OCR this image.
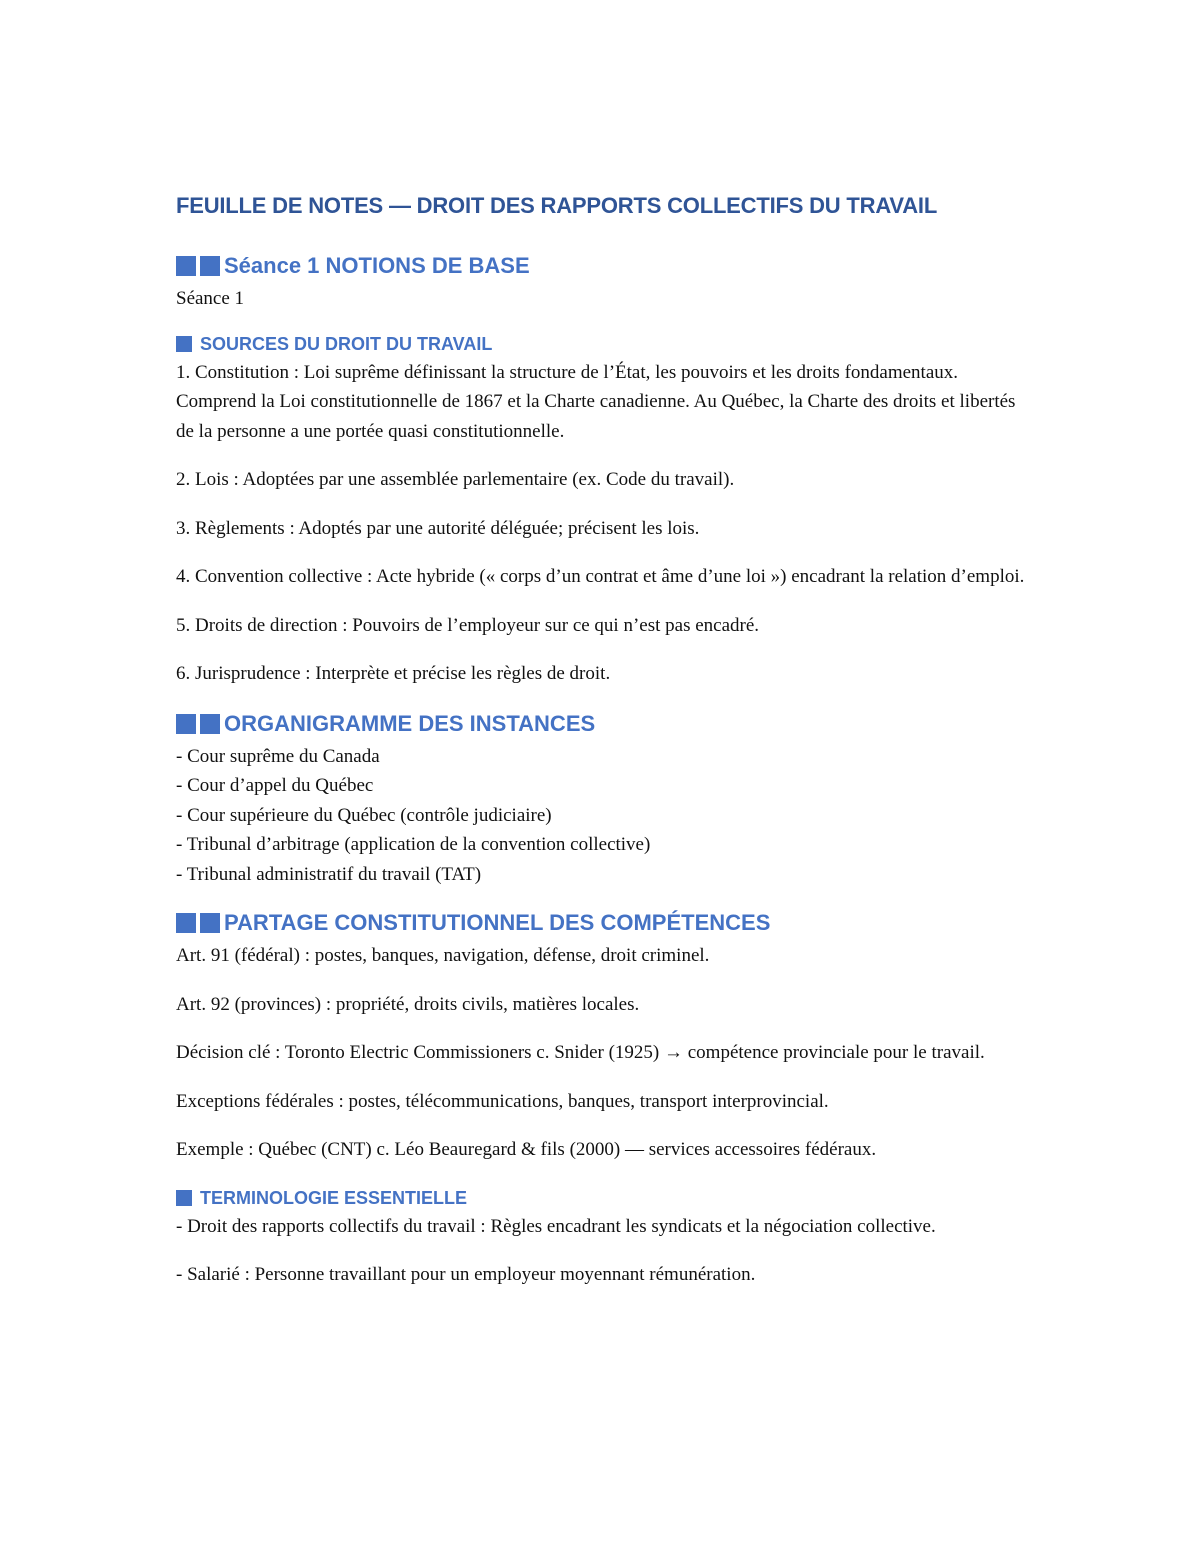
FEUILLE DE NOTES — DROIT DES RAPPORTS COLLECTIFS DU TRAVAIL
Séance 1 NOTIONS DE BASE

Séance 1

SOURCES DU DROIT DU TRAVAIL

1. Constitution : Loi suprême définissant la structure de l’État, les pouvoirs et les droits fondamentaux. Comprend la Loi constitutionnelle de 1867 et la Charte canadienne. Au Québec, la Charte des droits et libertés de la personne a une portée quasi constitutionnelle.

2. Lois : Adoptées par une assemblée parlementaire (ex. Code du travail).

3. Règlements : Adoptés par une autorité déléguée; précisent les lois.

4. Convention collective : Acte hybride (« corps d’un contrat et âme d’une loi ») encadrant la relation d’emploi.

5. Droits de direction : Pouvoirs de l’employeur sur ce qui n’est pas encadré.

6. Jurisprudence : Interprète et précise les règles de droit.

ORGANIGRAMME DES INSTANCES

- Cour suprême du Canada

- Cour d’appel du Québec

- Cour supérieure du Québec (contrôle judiciaire)

- Tribunal d’arbitrage (application de la convention collective)

- Tribunal administratif du travail (TAT)

PARTAGE CONSTITUTIONNEL DES COMPÉTENCES

Art. 91 (fédéral) : postes, banques, navigation, défense, droit criminel.

Art. 92 (provinces) : propriété, droits civils, matières locales.

Décision clé : Toronto Electric Commissioners c. Snider (1925) → compétence provinciale pour le travail.

Exceptions fédérales : postes, télécommunications, banques, transport interprovincial.

Exemple : Québec (CNT) c. Léo Beauregard & fils (2000) — services accessoires fédéraux.

TERMINOLOGIE ESSENTIELLE

- Droit des rapports collectifs du travail : Règles encadrant les syndicats et la négociation collective.

- Salarié : Personne travaillant pour un employeur moyennant rémunération.
